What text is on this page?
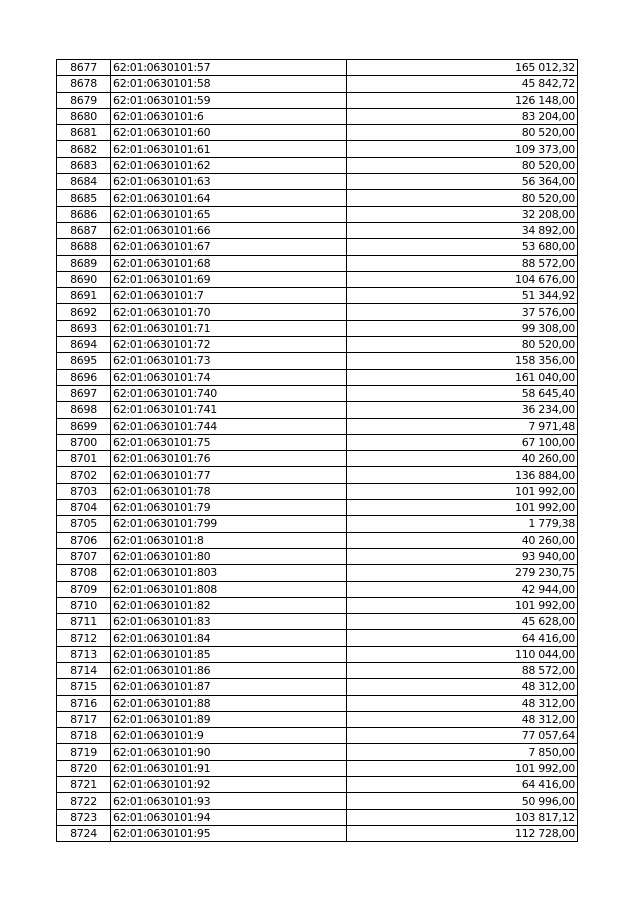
8677	62:01:0630101:57	165 012,32
8678	62:01:0630101:58	45 842,72
8679	62:01:0630101:59	126 148,00
8680	62:01:0630101:6	83 204,00
8681	62:01:0630101:60	80 520,00
8682	62:01:0630101:61	109 373,00
8683	62:01:0630101:62	80 520,00
8684	62:01:0630101:63	56 364,00
8685	62:01:0630101:64	80 520,00
8686	62:01:0630101:65	32 208,00
8687	62:01:0630101:66	34 892,00
8688	62:01:0630101:67	53 680,00
8689	62:01:0630101:68	88 572,00
8690	62:01:0630101:69	104 676,00
8691	62:01:0630101:7	51 344,92
8692	62:01:0630101:70	37 576,00
8693	62:01:0630101:71	99 308,00
8694	62:01:0630101:72	80 520,00
8695	62:01:0630101:73	158 356,00
8696	62:01:0630101:74	161 040,00
8697	62:01:0630101:740	58 645,40
8698	62:01:0630101:741	36 234,00
8699	62:01:0630101:744	7 971,48
8700	62:01:0630101:75	67 100,00
8701	62:01:0630101:76	40 260,00
8702	62:01:0630101:77	136 884,00
8703	62:01:0630101:78	101 992,00
8704	62:01:0630101:79	101 992,00
8705	62:01:0630101:799	1 779,38
8706	62:01:0630101:8	40 260,00
8707	62:01:0630101:80	93 940,00
8708	62:01:0630101:803	279 230,75
8709	62:01:0630101:808	42 944,00
8710	62:01:0630101:82	101 992,00
8711	62:01:0630101:83	45 628,00
8712	62:01:0630101:84	64 416,00
8713	62:01:0630101:85	110 044,00
8714	62:01:0630101:86	88 572,00
8715	62:01:0630101:87	48 312,00
8716	62:01:0630101:88	48 312,00
8717	62:01:0630101:89	48 312,00
8718	62:01:0630101:9	77 057,64
8719	62:01:0630101:90	7 850,00
8720	62:01:0630101:91	101 992,00
8721	62:01:0630101:92	64 416,00
8722	62:01:0630101:93	50 996,00
8723	62:01:0630101:94	103 817,12
8724	62:01:0630101:95	112 728,00
